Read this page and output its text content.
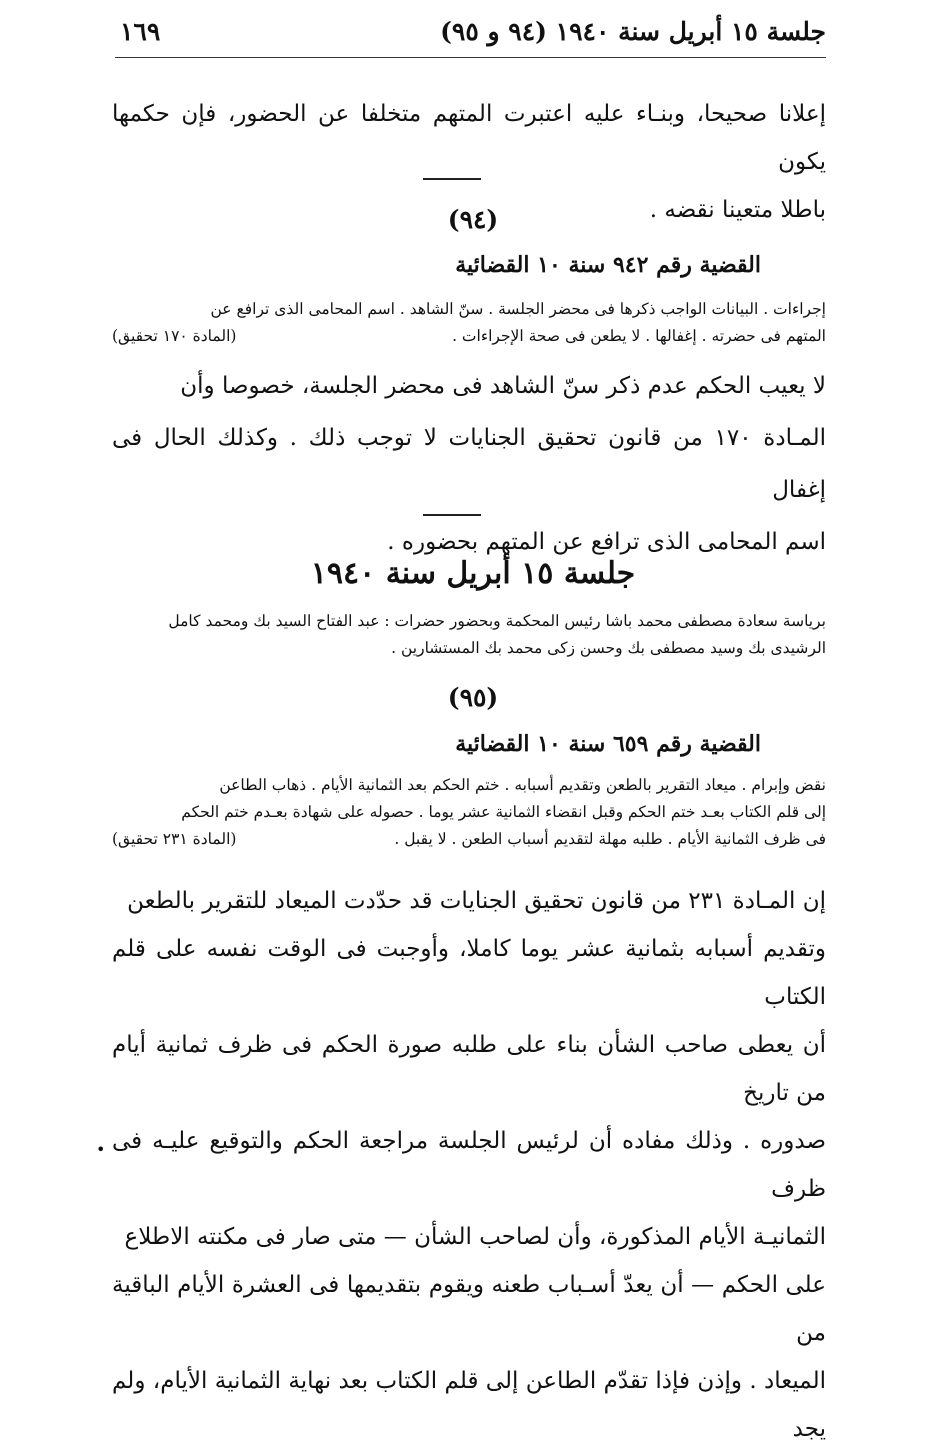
جلسة ١٥ أبريل سنة ١٩٤٠ (٩٤ و ٩٥)
١٦٩

إعلانا صحيحا، وبنـاء عليه اعتبرت المتهم متخلفا عن الحضور، فإن حكمها يكون

باطلا متعينا نقضه .

(٩٤)
القضية رقم ٩٤٢ سنة ١٠ القضائية
إجراءات . البيانات الواجب ذكرها فى محضر الجلسة . سنّ الشاهد . اسم المحامى الذى ترافع عن
المتهم فى حضرته . إغفالها . لا يطعن فى صحة الإجراءات .
(المادة ١٧٠ تحقيق)

لا يعيب الحكم عدم ذكر سنّ الشاهد فى محضر الجلسة، خصوصا وأن

المـادة ١٧٠ من قانون تحقيق الجنايات لا توجب ذلك . وكذلك الحال فى إغفال

اسم المحامى الذى ترافع عن المتهم بحضوره .

جلسة ١٥ أبريل سنة ١٩٤٠
برياسة سعادة مصطفى محمد باشا رئيس المحكمة وبحضور حضرات : عبد الفتاح السيد بك ومحمد كامل
الرشيدى بك وسيد مصطفى بك وحسن زكى محمد بك المستشارين .
(٩٥)
القضية رقم ٦٥٩ سنة ١٠ القضائية
نقض وإبرام . ميعاد التقرير بالطعن وتقديم أسبابه . ختم الحكم بعد الثمانية الأيام . ذهاب الطاعن
إلى قلم الكتاب بعـد ختم الحكم وقبل انقضاء الثمانية عشر يوما . حصوله على شهادة بعـدم ختم الحكم
فى ظرف الثمانية الأيام . طلبه مهلة لتقديم أسباب الطعن . لا يقبل .
(المادة ٢٣١ تحقيق)

إن المـادة ٢٣١ من قانون تحقيق الجنايات قد حدّدت الميعاد للتقرير بالطعن

وتقديم أسبابه بثمانية عشر يوما كاملا، وأوجبت فى الوقت نفسه على قلم الكتاب

أن يعطى صاحب الشأن بناء على طلبه صورة الحكم فى ظرف ثمانية أيام من تاريخ

صدوره . وذلك مفاده أن لرئيس الجلسة مراجعة الحكم والتوقيع عليـه فى ظرف

الثمانيـة الأيام المذكورة، وأن لصاحب الشأن — متى صار فى مكنته الاطلاع

على الحكم — أن يعدّ أسـباب طعنه ويقوم بتقديمها فى العشرة الأيام الباقية من

الميعاد . وإذن فإذا تقدّم الطاعن إلى قلم الكتاب بعد نهاية الثمانية الأيام، ولم يجد

•
